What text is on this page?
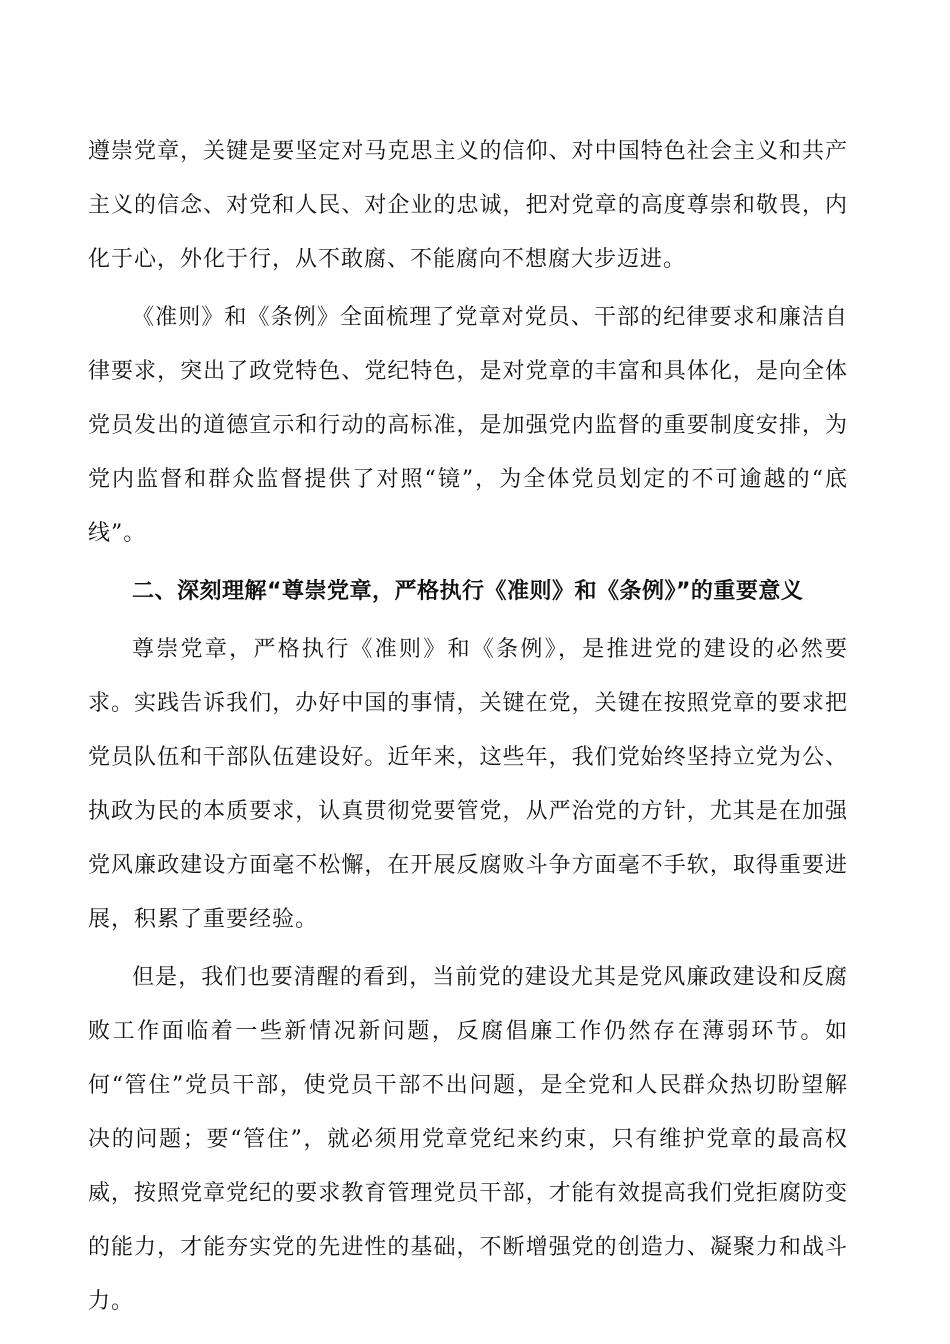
遵崇党章，关键是要坚定对马克思主义的信仰、对中国特色社会主义和共产主义的信念、对党和人民、对企业的忠诚，把对党章的高度尊崇和敬畏，内化于心，外化于行，从不敢腐、不能腐向不想腐大步迈进。

《准则》和《条例》全面梳理了党章对党员、干部的纪律要求和廉洁自律要求，突出了政党特色、党纪特色，是对党章的丰富和具体化，是向全体党员发出的道德宣示和行动的高标准，是加强党内监督的重要制度安排，为党内监督和群众监督提供了对照“镜”，为全体党员划定的不可逾越的“底线”。

二、深刻理解“尊崇党章，严格执行《准则》和《条例》”的重要意义

尊崇党章，严格执行《准则》和《条例》，是推进党的建设的必然要求。实践告诉我们，办好中国的事情，关键在党，关键在按照党章的要求把党员队伍和干部队伍建设好。近年来，这些年，我们党始终坚持立党为公、执政为民的本质要求，认真贯彻党要管党，从严治党的方针，尤其是在加强党风廉政建设方面毫不松懈，在开展反腐败斗争方面毫不手软，取得重要进展，积累了重要经验。

但是，我们也要清醒的看到，当前党的建设尤其是党风廉政建设和反腐败工作面临着一些新情况新问题，反腐倡廉工作仍然存在薄弱环节。如何“管住”党员干部，使党员干部不出问题，是全党和人民群众热切盼望解决的问题；要“管住”，就必须用党章党纪来约束，只有维护党章的最高权威，按照党章党纪的要求教育管理党员干部，才能有效提高我们党拒腐防变的能力，才能夯实党的先进性的基础，不断增强党的创造力、凝聚力和战斗力。
